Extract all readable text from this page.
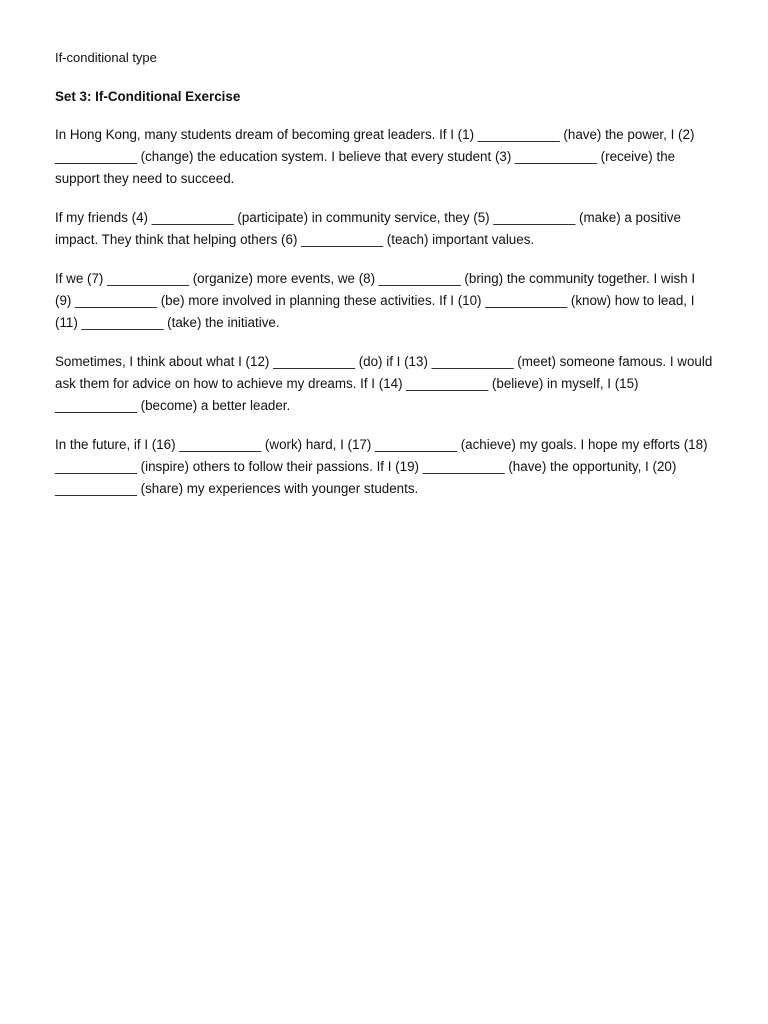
If-conditional type

Set 3: If-Conditional Exercise

In Hong Kong, many students dream of becoming great leaders. If I (1) ___________ (have) the power, I (2) ___________ (change) the education system. I believe that every student (3) ___________ (receive) the support they need to succeed.

If my friends (4) ___________ (participate) in community service, they (5) ___________ (make) a positive impact. They think that helping others (6) ___________ (teach) important values.

If we (7) ___________ (organize) more events, we (8) ___________ (bring) the community together. I wish I (9) ___________ (be) more involved in planning these activities. If I (10) ___________ (know) how to lead, I (11) ___________ (take) the initiative.

Sometimes, I think about what I (12) ___________ (do) if I (13) ___________ (meet) someone famous. I would ask them for advice on how to achieve my dreams. If I (14) ___________ (believe) in myself, I (15) ___________ (become) a better leader.

In the future, if I (16) ___________ (work) hard, I (17) ___________ (achieve) my goals. I hope my efforts (18) ___________ (inspire) others to follow their passions. If I (19) ___________ (have) the opportunity, I (20) ___________ (share) my experiences with younger students.
